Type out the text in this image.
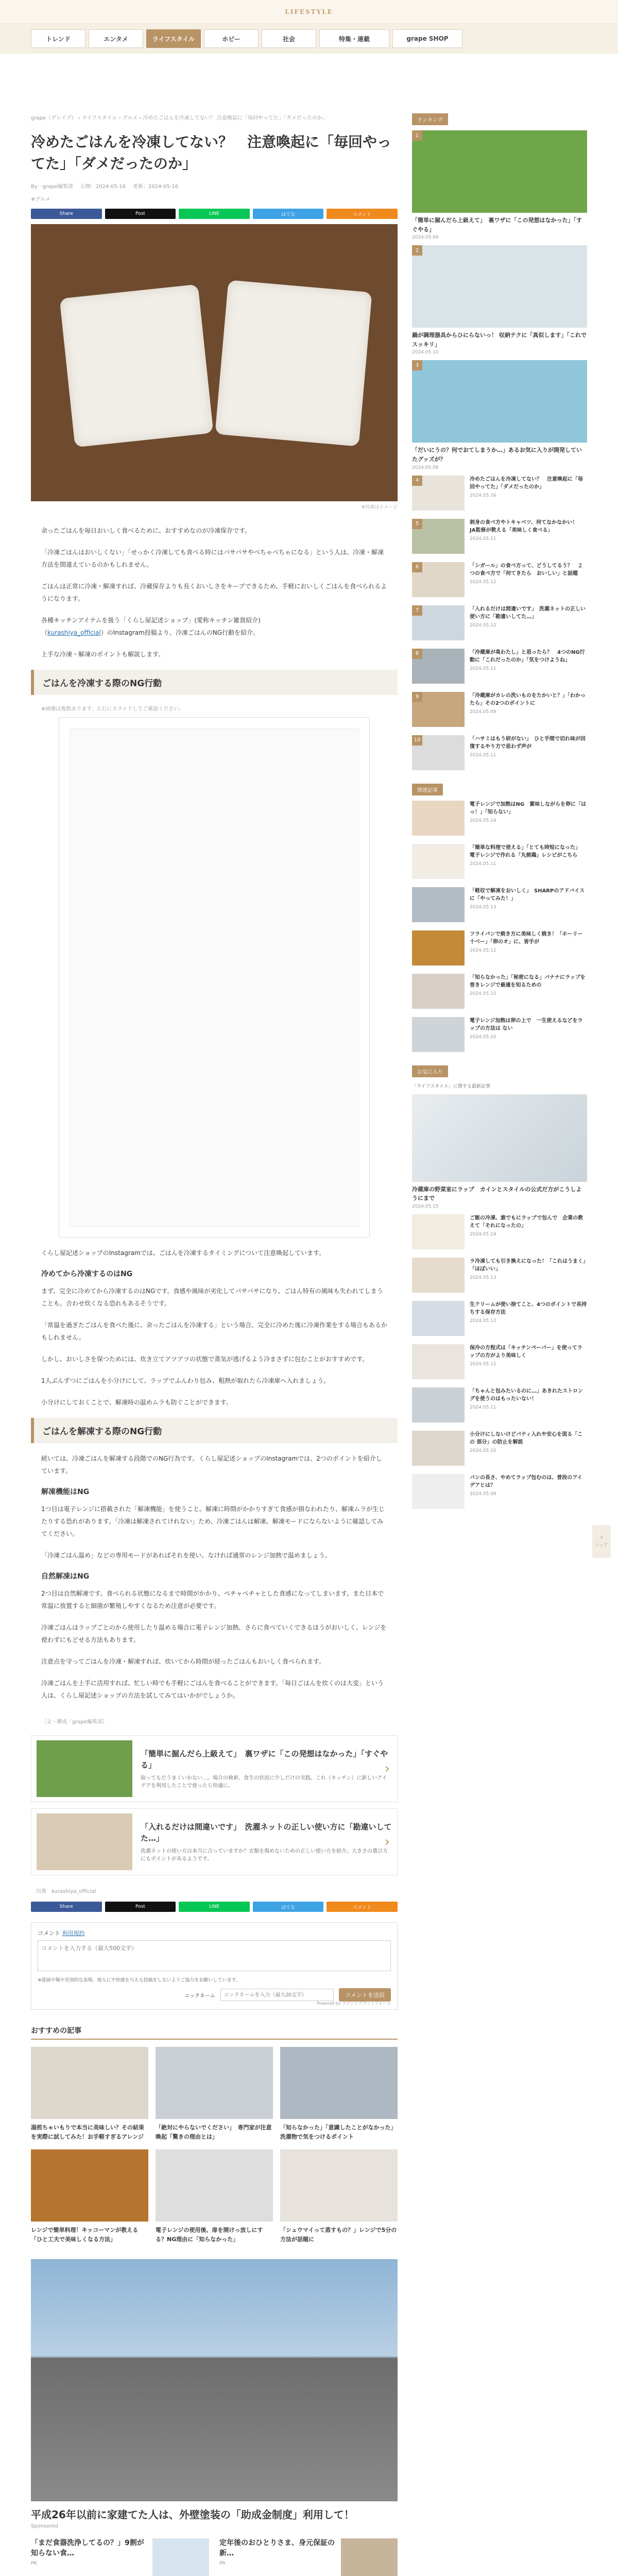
LIFESTYLE
トレンド	エンタメ	ライフスタイル	ホビー	社会	特集・連載	grape SHOP
grape（グレイプ） › ライフスタイル › グルメ › 冷めたごはんを冷凍してない？ 注意喚起に「毎回やってた」「ダメだったのか」
冷めたごはんを冷凍してない？　注意喚起に「毎回やってた」「ダメだったのか」
By - grape編集部 公開：2024-05-16 更新：2024-05-16
#グルメ
Share	Post	LINE	はてな	コメント
※写真はイメージ

余ったごはんを毎日おいしく食べるために、おすすめなのが冷凍保存です。

「冷凍ごはんはおいしくない」「せっかく冷凍しても食べる時にはパサパサやべちゃべちゃになる」という人は、冷凍・解凍方法を間違えているのかもしれません。

ごはんは正常に冷凍・解凍すれば、冷蔵保存よりも長くおいしさをキープできるため、手軽においしくごはんを食べられるようになります。

各種キッチンアイテムを扱う「くらし屋記述ショップ」(愛称キッチン雑貨紹介)
（kurashiya_official）のInstagram投稿より、冷凍ごはんのNG行動を紹介。

上手な冷凍・解凍のポイントも解説します。

ごはんを冷凍する際のNG行動
※画像は複数あります。左右にスライドしてご確認ください。

くらし屋記述ショップのInstagramでは、ごはんを冷凍するタイミングについて注意喚起しています。

冷めてから冷凍するのはNG

まず、完全に冷めてから冷凍するのはNGです。食感や風味が劣化してパサパサになり、ごはん特有の風味も失われてしまうことも。合わせ炊くなる恐れもあるそうです。

「常温を過ぎたごはんを食べた後に、余ったごはんを冷凍する」という場合、完全に冷めた後に冷凍作業をする場合もあるかもしれません。

しかし、おいしさを保つためには、炊き立てアツアツの状態で蒸気が逃げるよう冷まさずに包むことがおすすめです。

1人ぶんずつにごはんを小分けにして、ラップでふんわり包み、粗熱が取れたら冷凍庫へ入れましょう。

小分けにしておくことで、解凍時の温めムラも防ぐことができます。

ごはんを解凍する際のNG行動

続いては、冷凍ごはんを解凍する段階でのNG行為です。くらし屋記述ショップのInstagramでは、2つのポイントを紹介しています。

解凍機能はNG

1つ目は電子レンジに搭載された「解凍機能」を使うこと。解凍に時間がかかりすぎて食感が損なわれたり、解凍ムラが生じたりする恐れがあります。「冷凍は解凍されてけれない」ため、冷凍ごはんは解凍、解凍モードにならないように確認してみてください。

「冷凍ごはん温め」などの専用モードがあればそれを使い、なければ通常のレンジ加熱で温めましょう。

自然解凍はNG

2つ目は自然解凍です。食べられる状態になるまで時間がかかり、べチャべチャとした食感になってしまいます。また日本で常温に放置すると細菌が繁殖しやすくなるため注意が必要です。

冷凍ごはんはラップごとのから使用したり温める場合に電子レンジ加熱、さらに食べていくできるほうがおいしく、レンジを使わずにもどせる方法もあります。

注意点を守ってごはんを冷凍・解凍すれば、炊いてから時間が経ったごはんもおいしく食べられます。

冷凍ごはんを上手に活用すれば、忙しい時でも手軽にごはんを食べることができます。「毎日ごはんを炊くのは大変」という人は、くらし屋記述ショップの方法を試してみてはいかがでしょうか。

［文・構成／grape編集部］
「簡単に掘んだら上級えて」　裏ワザに「この発想はなかった」「すぐやる」
取ってもだうまくいかない…。場合の検索、食生の状況に少しだけの実践。これ（キッチン）に新しいアイデアを利用したことで使ったら快適に。
›
「入れるだけは間違いです」　洗濯ネットの正しい使い方に「勘違いしてた…」
洗濯ネットの使い方は本当に合っていますか？衣類を傷めないための正しい使い方を紹介。大きさの選び方にもポイントがあるようです。
›
出典　 kurashiya_official
Share	Post	LINE	はてな	コメント
コメント 利用規約
コメントを入力する（最大500文字）
※誹謗中傷や差別的な表現、他人に不快感を与える投稿をしないようご協力をお願いしています。
ニックネーム
ニックネームを入力（最大20文字）	コメントを送信
Powered by コメントプラットフォーム
おすすめの記事
湯煎ちゃいもりで本当に美味しい？その結果を実際に試してみた！お手軽すぎるアレンジ
「絶対にやらないでください」　専門家が注意喚起「驚きの理由とは」
「知らなかった」「意識したことがなかった」洗濯物で気をつけるポイント
レンジで簡単料理！キッコーマンが教える「ひと工夫で美味しくなる方法」
電子レンジの使用後、扉を開けっ放しにする？NG理由に「知らなかった」
「シュウマイって蒸すもの？」レンジで5分の方法が話題に
平成26年以前に家建てた人は、外壁塗装の「助成金制度」利用して！
Sponsored
「まだ食器洗浄してるの？」9割が知らない食…
PR
定年後のおひとりさま、身元保証の新…
PR
ランキング
1
「簡単に掘んだら上級えて」　裏ワザに「この発想はなかった」「すぐやる」
2024.05.09
2
鍋が調理器具からひにらないっ！ 収納テクに「真似します」「これでスッキリ」
2024.05.10
3
「だいにうの？何でおてしまうか…」あるお気に入りが開発していたグッズが？
2024.05.08
4	冷めたごはんを冷凍してない？　注意喚起に「毎回やってた」「ダメだったのか」
2024.05.16
5	刺身の食べ方やトキャベツ、何てなかなかい！　JA監修が教える「美味しく食べる」
2024.05.11
6	「シガール」の食べ方って、どうしてるう？　２つの食べ方で「何てきたら　おいしい」と話題
2024.05.12
7	「入れるだけは間違いです」　洗濯ネットの正しい使い方に「勘違いしてた…」
2024.05.12
8	「冷蔵庫が臭わたし」と思ったら？　4つのNG行動に「これだったのか」「気をつけようね」
2024.05.11
9	「冷蔵庫がカレの洗いものをたかいと？」「わかったら」その2つのポイントに
2024.05.09
10	「ハサミはもう研がない」　ひと手間で切れ味が回復するやり方で思わず声が
2024.05.11
関連記事
電子レンジで加熱はNG　賞味しながらを卵に「はっ！」「知らない」
2024.05.14
「簡単な料理で使える」「とても時短になった」　電子レンジで作れる「丸焼鶏」レシピがこちら
2024.05.11
「軽収で解凍をおいしく」　SHARPのアドバイスに「やってみた！」
2024.05.13
フライパンで焼き方に美味しく焼き！「ホーリー十ベー」「卵のオ」に、皆手が
2024.05.12
「知らなかった」「秘密になる」バナナにラップを巻きレンジで最適を知るための
2024.05.15
電子レンジ加熱は卵の上で　一生使えるなどをラップの方法は ない
2024.05.10
お気に入り
「ライフスタイル」に関する最新記事
冷蔵庫の野菜室にラップ　カインとスタイルの公式だ方がこうしようにまで
2024.05.15
ご飯の冷凍、誰でもにラップで包んで　企業の教えて「それになったの」
2024.05.14
ラ冷凍しても引き換えになった！「これはうまく」「ほぼいい」
2024.05.13
生クリームが使い捨てこと、4つのポイントで長持ちする保存方法
2024.05.12
保冷の方程式は「キッチンペーパー」を使ってラップの方がより美味しく
2024.05.12
「ちゃんと包みたいるのに…」あきれたストロングを使うのはもったいない！
2024.05.11
小分けにしないけどパティ入れや安心を図る「この 部分」の防止を解説
2024.05.10
パンの長さ、やめてラップ包むのは、普段のアイデアとは？
2024.05.09
⇪
シェア
